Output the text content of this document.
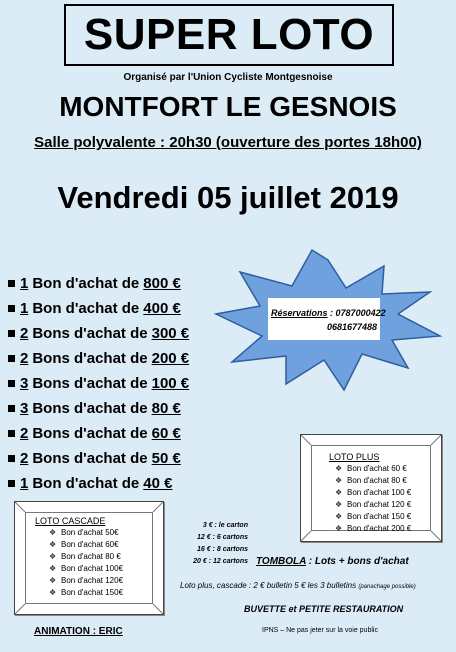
SUPER LOTO
Organisé par l'Union Cycliste Montgesnoise
MONTFORT LE GESNOIS
Salle polyvalente : 20h30 (ouverture des portes 18h00)
Vendredi 05 juillet 2019
1 Bon d'achat de 800 €
1 Bon d'achat de 400 €
2 Bons d'achat de 300 €
2 Bons d'achat de 200 €
3 Bons d'achat de 100 €
3 Bons d'achat de 80 €
2 Bons d'achat de 60 €
2 Bons d'achat de 50 €
1 Bon d'achat de 40 €
Réservations : 0787000422
0681677488
LOTO PLUS
❖ Bon d'achat 60 €
❖ Bon d'achat 80 €
❖ Bon d'achat 100 €
❖ Bon d'achat 120 €
❖ Bon d'achat 150 €
❖ Bon d'achat 200 €
LOTO CASCADE
❖ Bon d'achat 50€
❖ Bon d'achat 60€
❖ Bon d'achat 80 €
❖ Bon d'achat 100€
❖ Bon d'achat 120€
❖ Bon d'achat 150€
3 € : le carton
12 € : 6 cartons
16 € : 8 cartons
20 € : 12 cartons TOMBOLA : Lots + bons d'achat
Loto plus, cascade : 2 € bulletin 5 € les 3 bulletins (panachage possible)
BUVETTE et PETITE RESTAURATION
ANIMATION : ERIC	IPNS – Ne pas jeter sur la voie public
